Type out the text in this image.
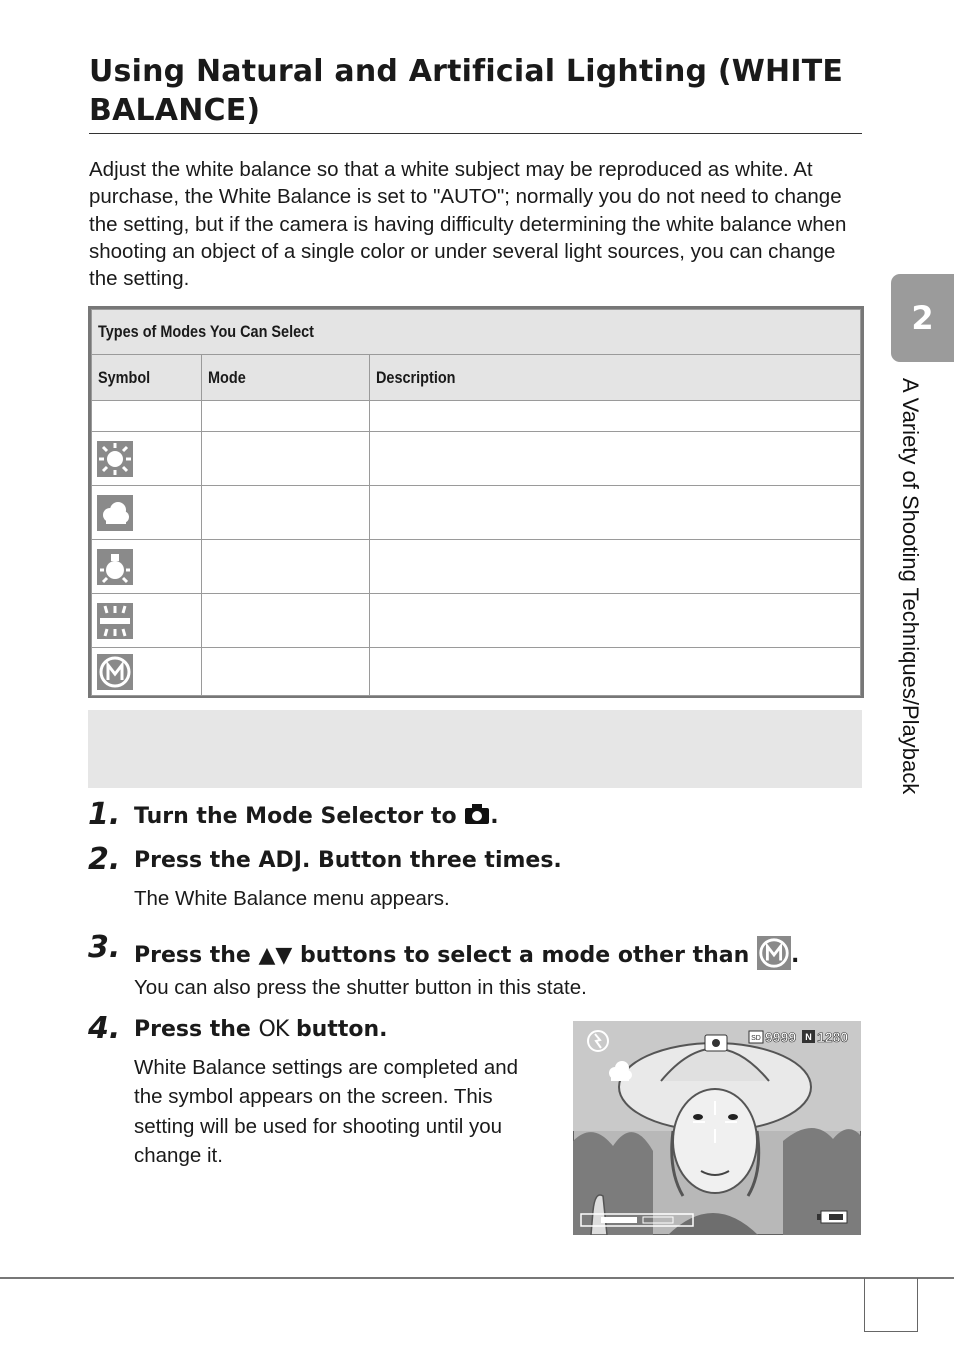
Using Natural and Artificial Lighting (WHITE BALANCE)

Adjust the white balance so that a white subject may be reproduced as white. At purchase, the White Balance is set to "AUTO"; normally you do not need to change the setting, but if the camera is having difficulty determining the white balance when shooting an object of a single color or under several light sources, you can change the setting.

Types of Modes You Can Select		
Symbol	Mode	Description

1. Turn the Mode Selector to .
2. Press the ADJ. Button three times.
The White Balance menu appears.
3. Press the ▲▼ buttons to select a mode other than .
You can also press the shutter button in this state.
4. Press the OK button.
White Balance settings are completed and the symbol appears on the screen. This setting will be used for shooting until you change it.
SD 9999 N 1280
2
A Variety of Shooting Techniques/Playback
